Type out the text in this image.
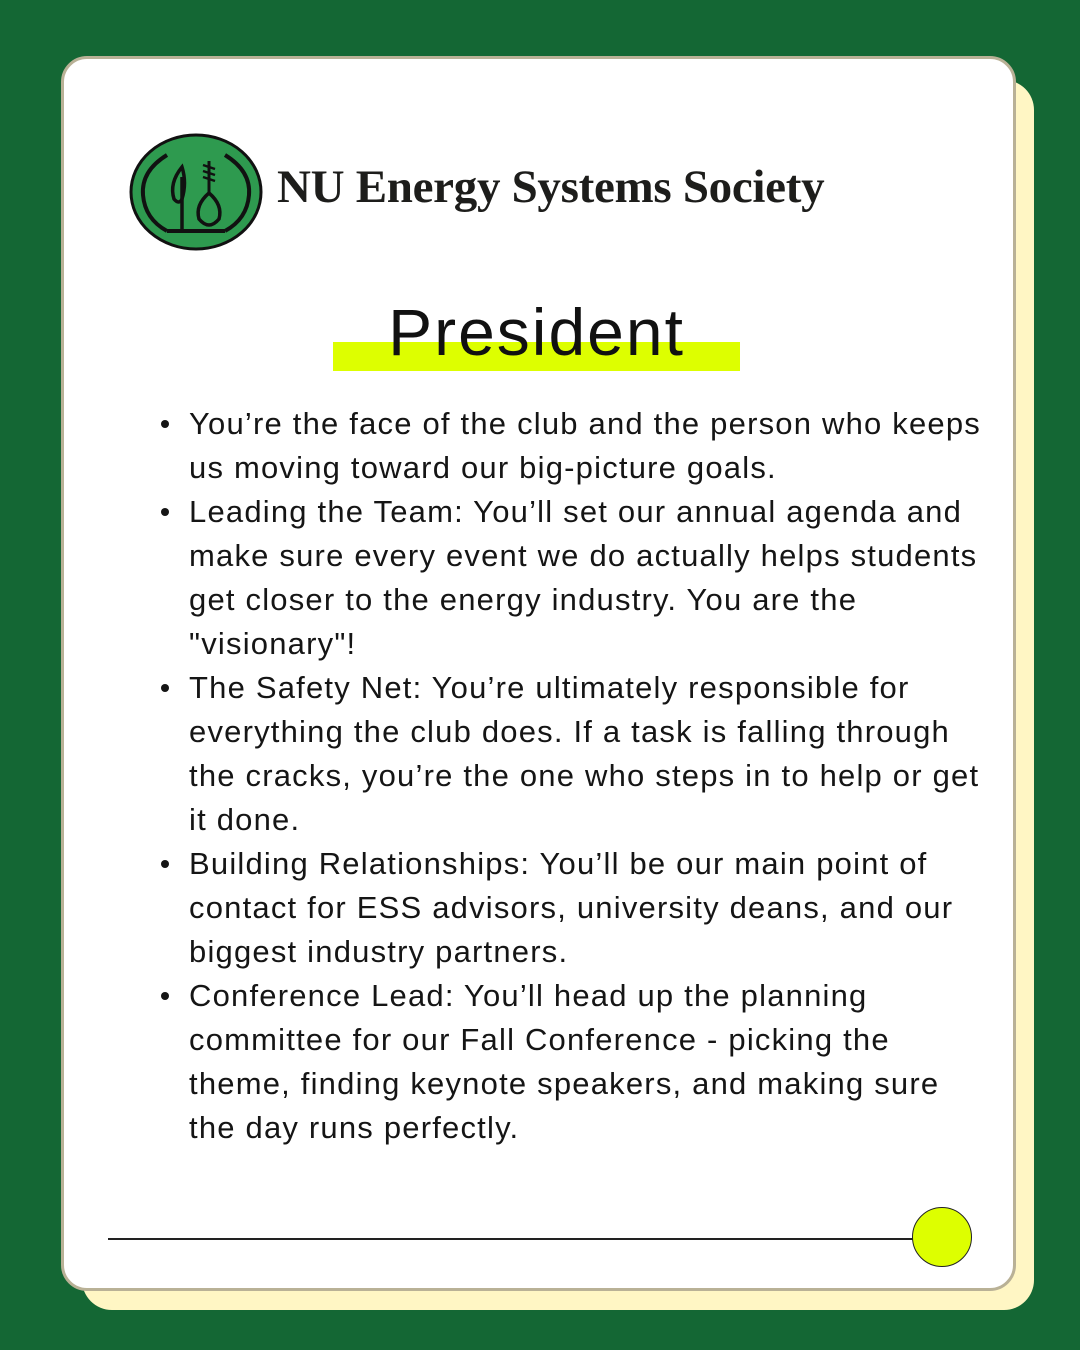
NU Energy Systems Society
President
You’re the face of the club and the person who keeps us moving toward our big-picture goals.
Leading the Team: You’ll set our annual agenda and make sure every event we do actually helps students get closer to the energy industry. You are the "visionary"!
The Safety Net: You’re ultimately responsible for everything the club does. If a task is falling through the cracks, you’re the one who steps in to help or get it done.
Building Relationships: You’ll be our main point of contact for ESS advisors, university deans, and our biggest industry partners.
Conference Lead: You’ll head up the planning committee for our Fall Conference - picking the theme, finding keynote speakers, and making sure the day runs perfectly.
